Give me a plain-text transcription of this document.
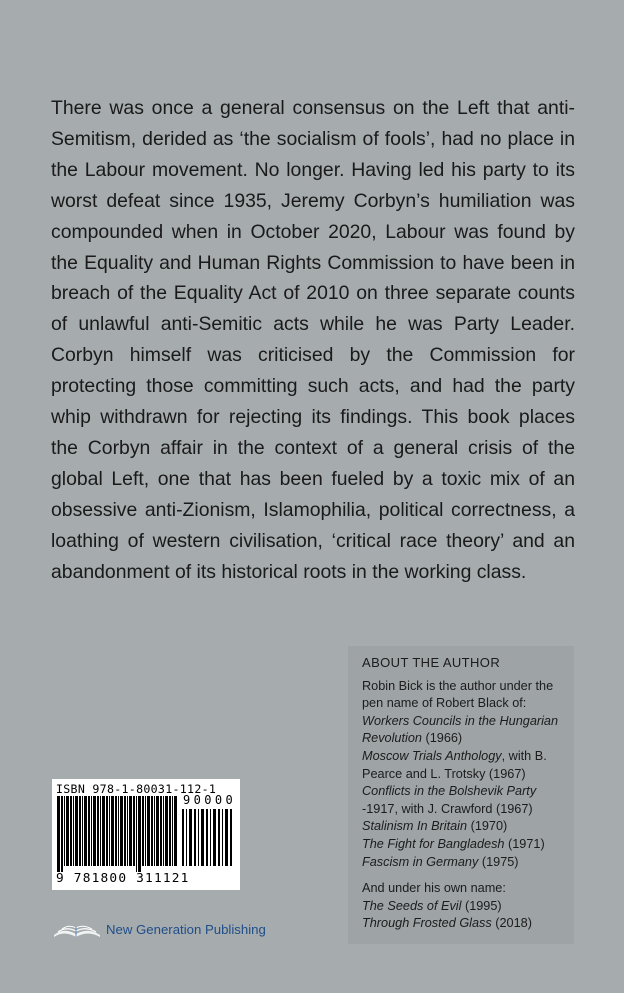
There was once a general consensus on the Left that anti-Semitism, derided as ‘the socialism of fools’, had no place in the Labour movement. No longer. Having led his party to its worst defeat since 1935, Jeremy Corbyn’s humiliation was compounded when in October 2020, Labour was found by the Equality and Human Rights Commission to have been in breach of the Equality Act of 2010 on three separate counts of unlawful anti-Semitic acts while he was Party Leader. Corbyn himself was criticised by the Commission for protecting those committing such acts, and had the party whip withdrawn for rejecting its findings. This book places the Corbyn affair in the context of a general crisis of the global Left, one that has been fueled by a toxic mix of an obsessive anti-Zionism, Islamophilia, political correctness, a loathing of western civilisation, ‘critical race theory’ and an abandonment of its historical roots in the working class.

ABOUT THE AUTHOR
Robin Bick is the author under the pen name of Robert Black of:
Workers Councils in the Hungarian Revolution (1966)
Moscow Trials Anthology, with B. Pearce and L. Trotsky (1967)
Conflicts in the Bolshevik Party -1917, with J. Crawford (1967)
Stalinism In Britain (1970)
The Fight for Bangladesh (1971)
Fascism in Germany (1975)
And under his own name:
The Seeds of Evil (1995)
Through Frosted Glass (2018)
ISBN 978-1-80031-112-1
90000
9 781800 311121
New Generation Publishing
